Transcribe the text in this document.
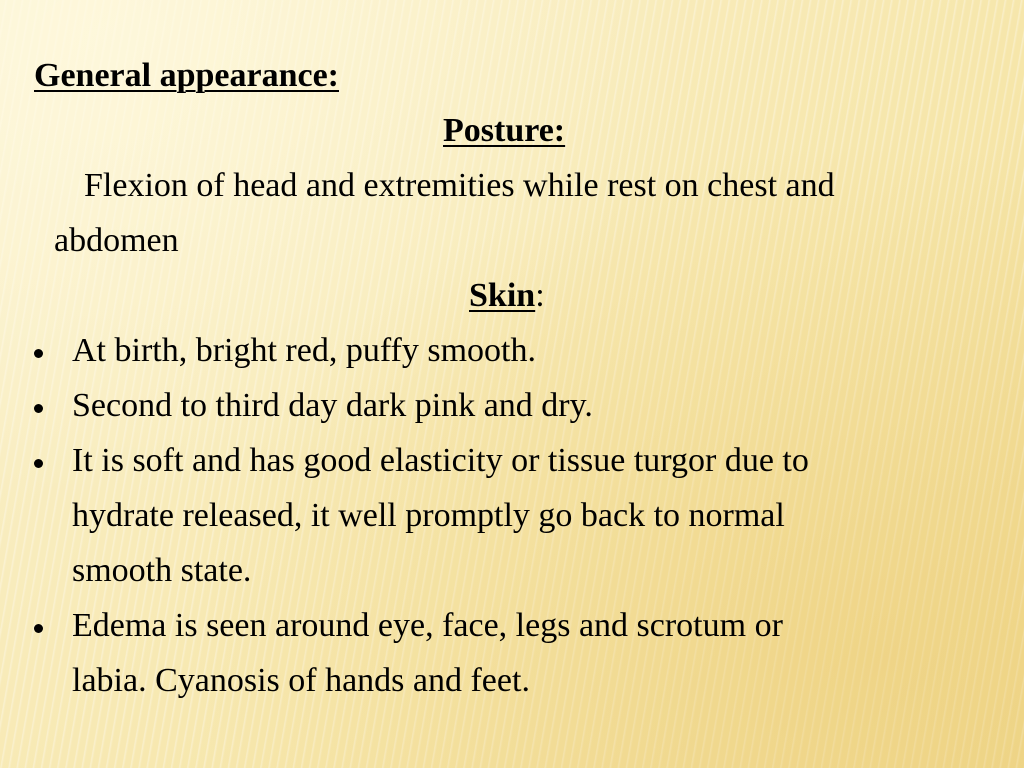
General appearance:
Posture:
Flexion of head and extremities while rest on chest and
abdomen
Skin:
At birth, bright red, puffy smooth.
Second to third day dark pink and dry.
It is soft and has good elasticity or tissue turgor due to
hydrate released, it well promptly go back to normal
smooth state.
Edema is seen around eye, face, legs and scrotum or
labia. Cyanosis of hands and feet.
